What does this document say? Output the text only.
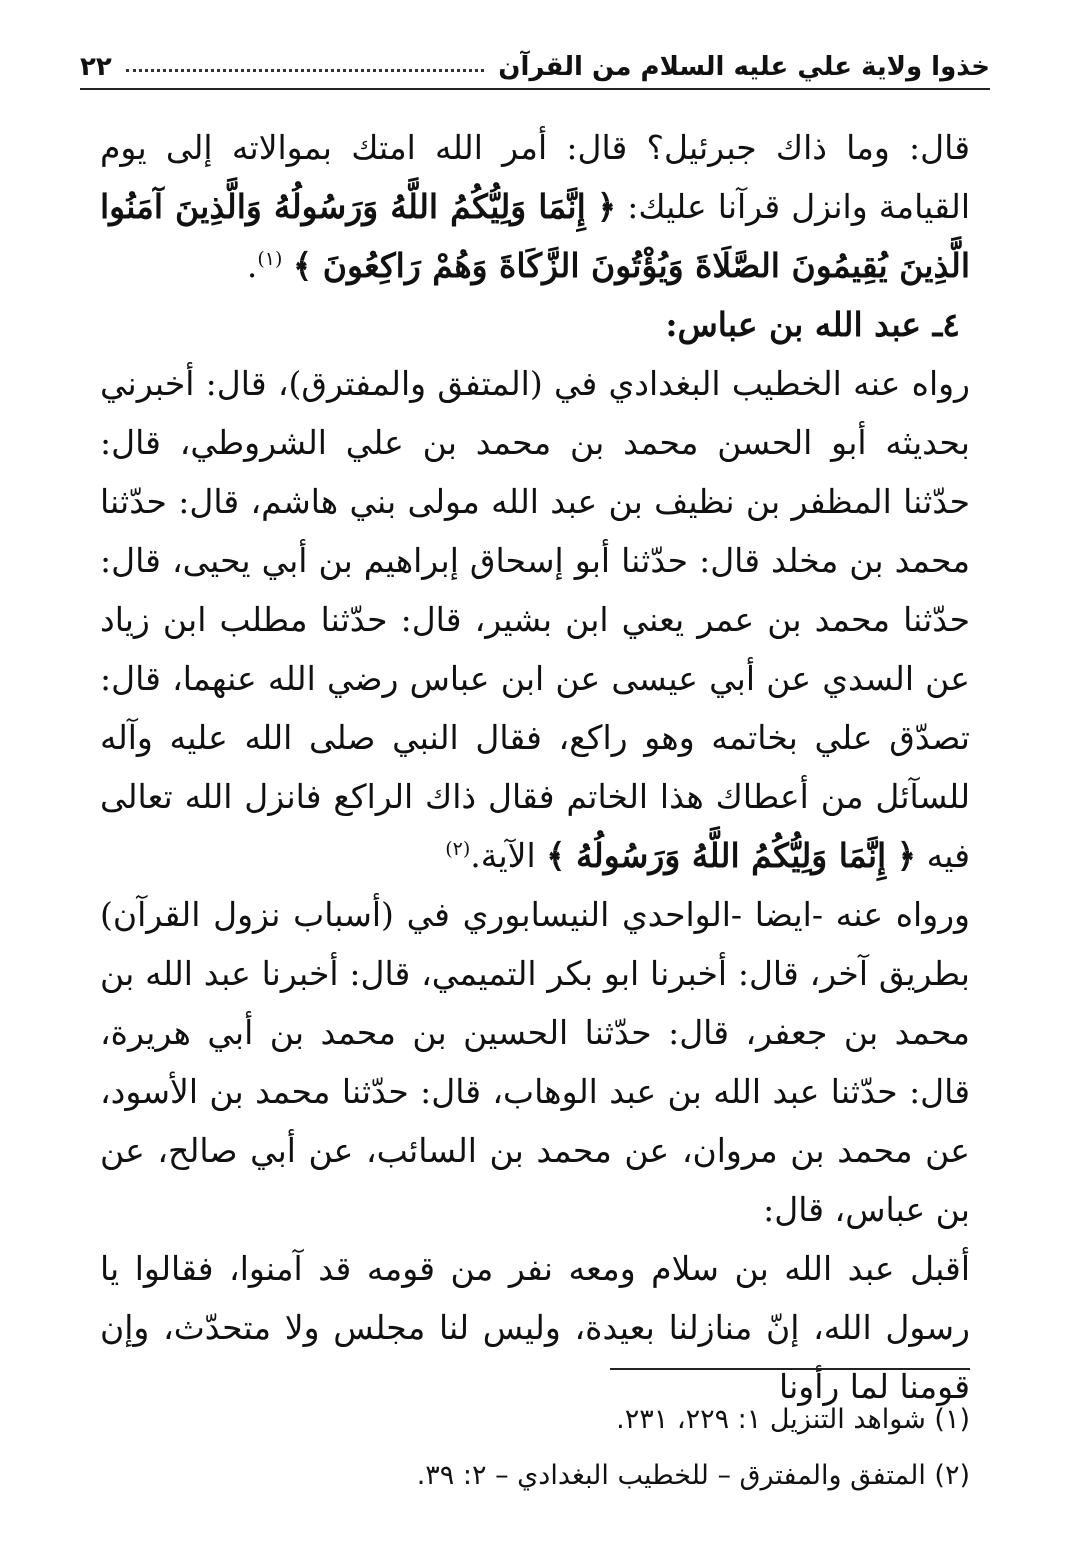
٢٢	خذوا ولاية علي عليه السلام من القرآن

قال: وما ذاك جبرئيل؟ قال: أمر الله امتك بموالاته إلى يوم القيامة وانزل قرآنا عليك: ﴿ إِنَّمَا وَلِيُّكُمُ اللَّهُ وَرَسُولُهُ وَالَّذِينَ آمَنُوا الَّذِينَ يُقِيمُونَ الصَّلَاةَ وَيُؤْتُونَ الزَّكَاةَ وَهُمْ رَاكِعُونَ ﴾ $^{(١)}$.

٤ـ عبد الله بن عباس:

رواه عنه الخطيب البغدادي في (المتفق والمفترق)، قال: أخبرني بحديثه أبو الحسن محمد بن محمد بن علي الشروطي، قال: حدّثنا المظفر بن نظيف بن عبد الله مولى بني هاشم، قال: حدّثنا محمد بن مخلد قال: حدّثنا أبو إسحاق إبراهيم بن أبي يحيى، قال: حدّثنا محمد بن عمر يعني ابن بشير، قال: حدّثنا مطلب ابن زياد عن السدي عن أبي عيسى عن ابن عباس رضي الله عنهما، قال: تصدّق علي بخاتمه وهو راكع، فقال النبي صلى الله عليه وآله للسآئل من أعطاك هذا الخاتم فقال ذاك الراكع فانزل الله تعالى فيه ﴿ إِنَّمَا وَلِيُّكُمُ اللَّهُ وَرَسُولُهُ ﴾ الآية.$^{(٢)}$

ورواه عنه -ايضا -الواحدي النيسابوري في (أسباب نزول القرآن) بطريق آخر، قال: أخبرنا ابو بكر التميمي، قال: أخبرنا عبد الله بن محمد بن جعفر، قال: حدّثنا الحسين بن محمد بن أبي هريرة، قال: حدّثنا عبد الله بن عبد الوهاب، قال: حدّثنا محمد بن الأسود، عن محمد بن مروان، عن محمد بن السائب، عن أبي صالح، عن بن عباس، قال:

أقبل عبد الله بن سلام ومعه نفر من قومه قد آمنوا، فقالوا يا رسول الله، إنّ منازلنا بعيدة، وليس لنا مجلس ولا متحدّث، وإن قومنا لما رأونا

(١) شواهد التنزيل ١: ٢٢٩، ٢٣١.

(٢) المتفق والمفترق – للخطيب البغدادي – ٢: ٣٩.
